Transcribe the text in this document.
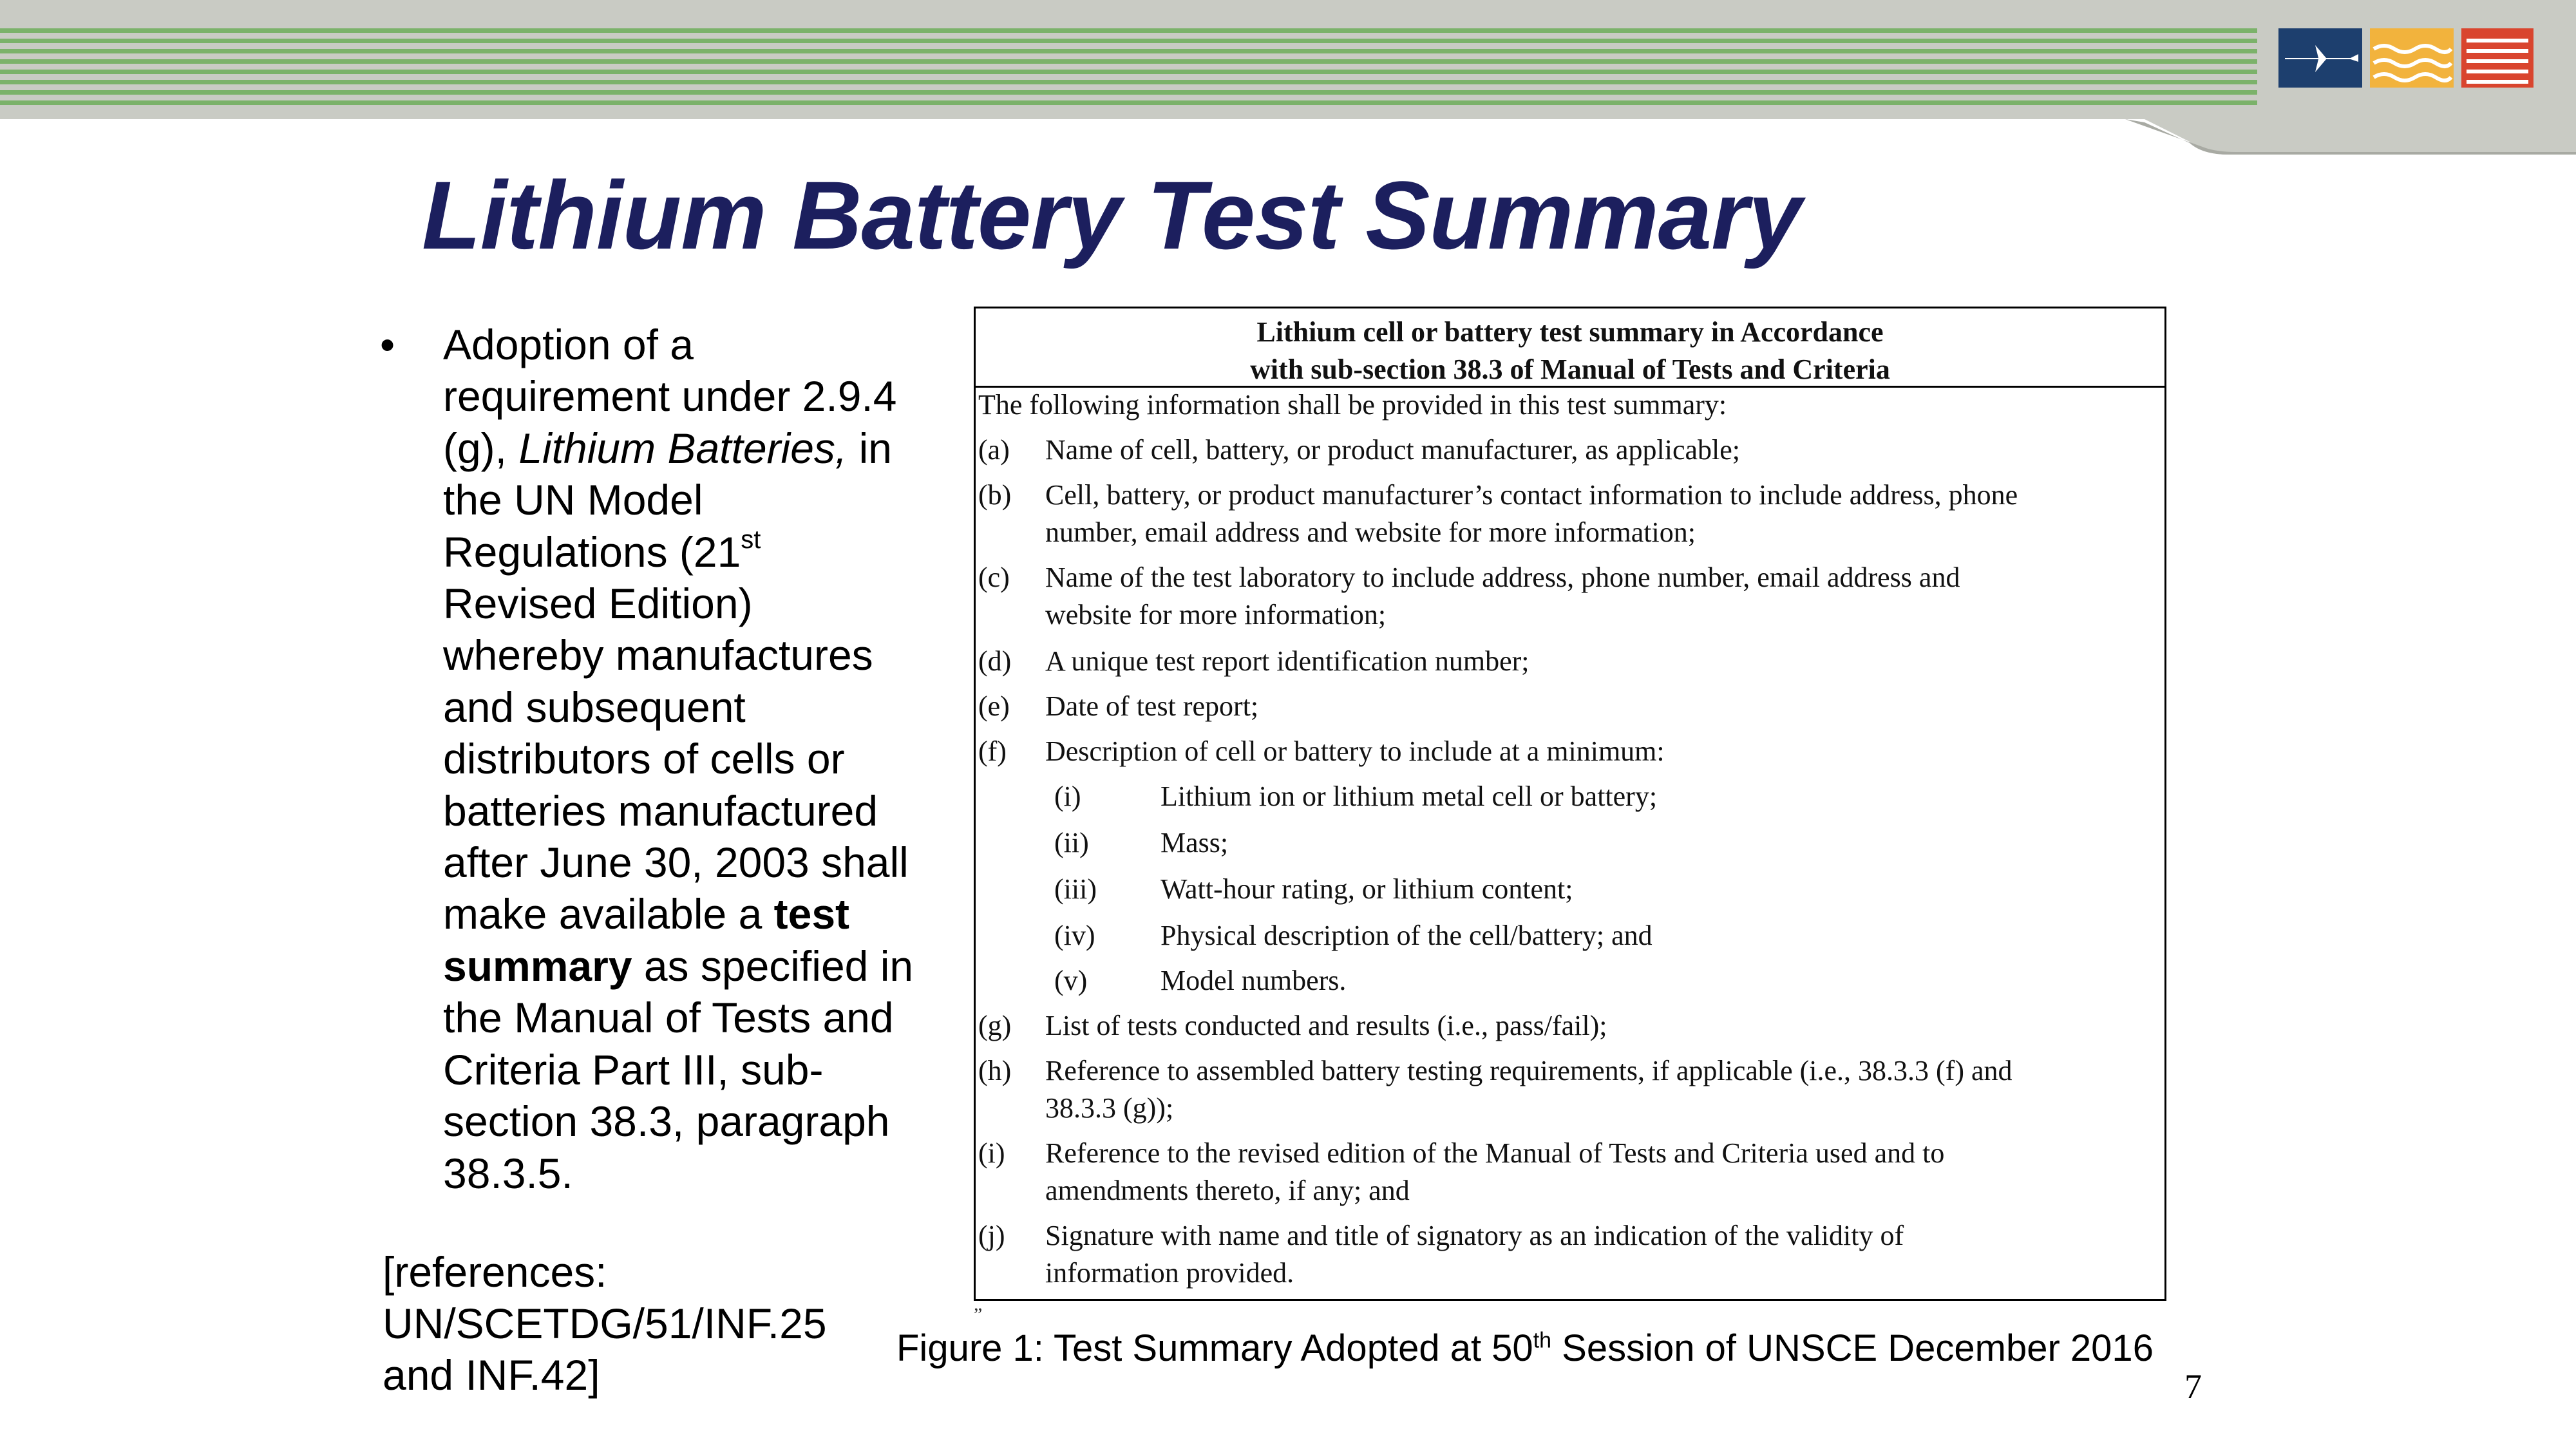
Lithium Battery Test Summary
•	Adoption of a requirement under 2.9.4 (g), Lithium Batteries, in the UN Model Regulations (21st Revised Edition) whereby manufactures and subsequent distributors of cells or batteries manufactured after June 30, 2003 shall make available a test summary as specified in the Manual of Tests and Criteria Part III, sub-section 38.3, paragraph 38.3.5.
[references: UN/SCETDG/51/INF.25 and INF.42]
Lithium cell or battery test summary in Accordance
with sub-section 38.3 of Manual of Tests and Criteria
The following information shall be provided in this test summary:
(a) Name of cell, battery, or product manufacturer, as applicable;
(b) Cell, battery, or product manufacturer’s contact information to include address, phone
number, email address and website for more information;
(c) Name of the test laboratory to include address, phone number, email address and
website for more information;
(d) A unique test report identification number;
(e) Date of test report;
(f) Description of cell or battery to include at a minimum:
(i)	Lithium ion or lithium metal cell or battery;
(ii)	Mass;
(iii) Watt-hour rating, or lithium content;
(iv) Physical description of the cell/battery; and
(v)	Model numbers.
(g) List of tests conducted and results (i.e., pass/fail);
(h) Reference to assembled battery testing requirements, if applicable (i.e., 38.3.3 (f) and
38.3.3 (g));
(i) Reference to the revised edition of the Manual of Tests and Criteria used and to
amendments thereto, if any; and
(j) Signature with name and title of signatory as an indication of the validity of
information provided.
”
Figure 1: Test Summary Adopted at 50th Session of UNSCE December 2016
7
